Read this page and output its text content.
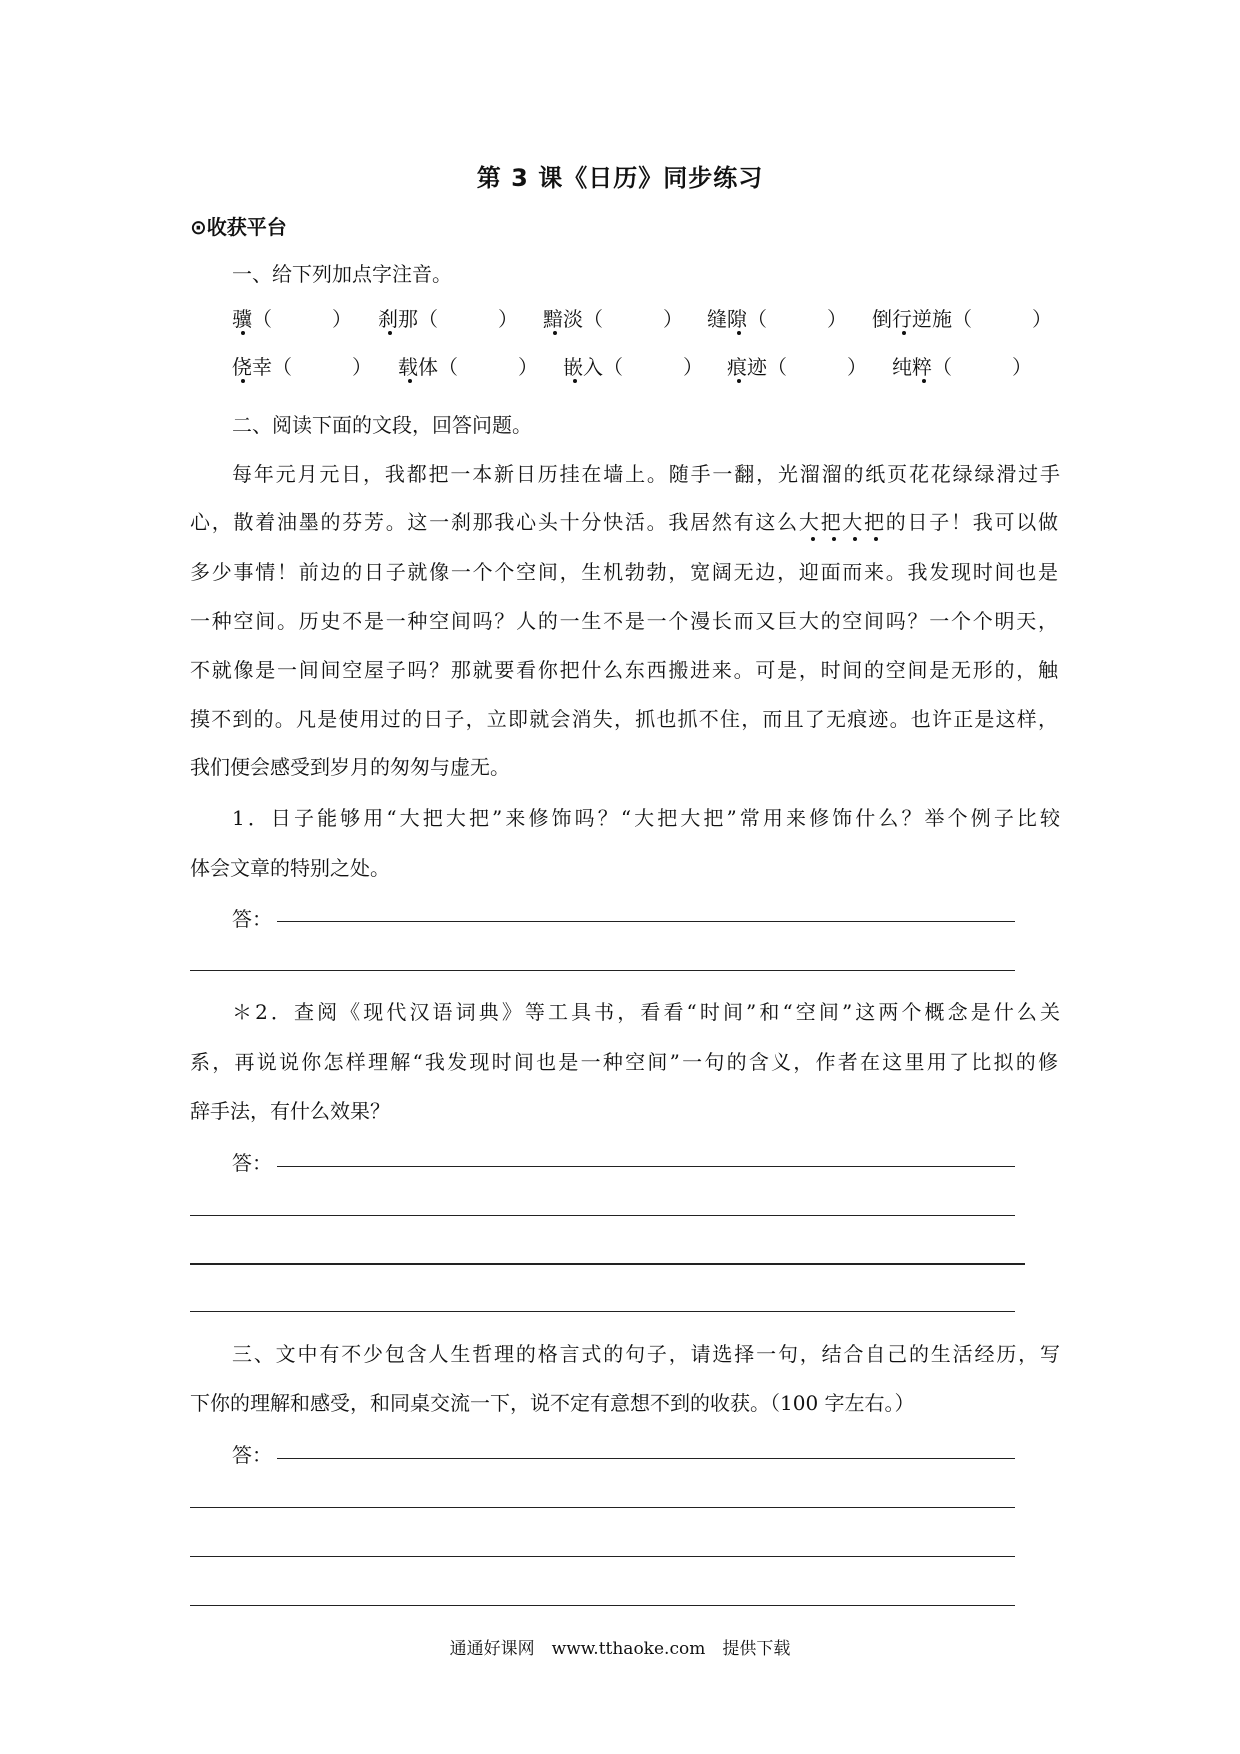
第 3 课《日历》同步练习
⊙收获平台
一、给下列加点字注音。
骥（　　　） 刹那（　　　） 黯淡（　　　） 缝隙（　　　） 倒行逆施（　　　）
侥幸（　　　） 载体（　　　） 嵌入（　　　） 痕迹（　　　） 纯粹（　　　）
二、阅读下面的文段，回答问题。
每年元月元日，我都把一本新日历挂在墙上。随手一翻，光溜溜的纸页花花绿绿滑过手
心，散着油墨的芬芳。这一刹那我心头十分快活。我居然有这么大把大把的日子！我可以做
多少事情！前边的日子就像一个个空间，生机勃勃，宽阔无边，迎面而来。我发现时间也是
一种空间。历史不是一种空间吗？人的一生不是一个漫长而又巨大的空间吗？一个个明天，
不就像是一间间空屋子吗？那就要看你把什么东西搬进来。可是，时间的空间是无形的，触
摸不到的。凡是使用过的日子，立即就会消失，抓也抓不住，而且了无痕迹。也许正是这样，
我们便会感受到岁月的匆匆与虚无。
1．日子能够用“大把大把”来修饰吗？“大把大把”常用来修饰什么？举个例子比较
体会文章的特别之处。
答：
＊2．查阅《现代汉语词典》等工具书，看看“时间”和“空间”这两个概念是什么关
系，再说说你怎样理解“我发现时间也是一种空间”一句的含义，作者在这里用了比拟的修
辞手法，有什么效果？
答：
三、文中有不少包含人生哲理的格言式的句子，请选择一句，结合自己的生活经历，写
下你的理解和感受，和同桌交流一下，说不定有意想不到的收获。（100 字左右。）
答：
通通好课网　www.tthaoke.com　提供下载
